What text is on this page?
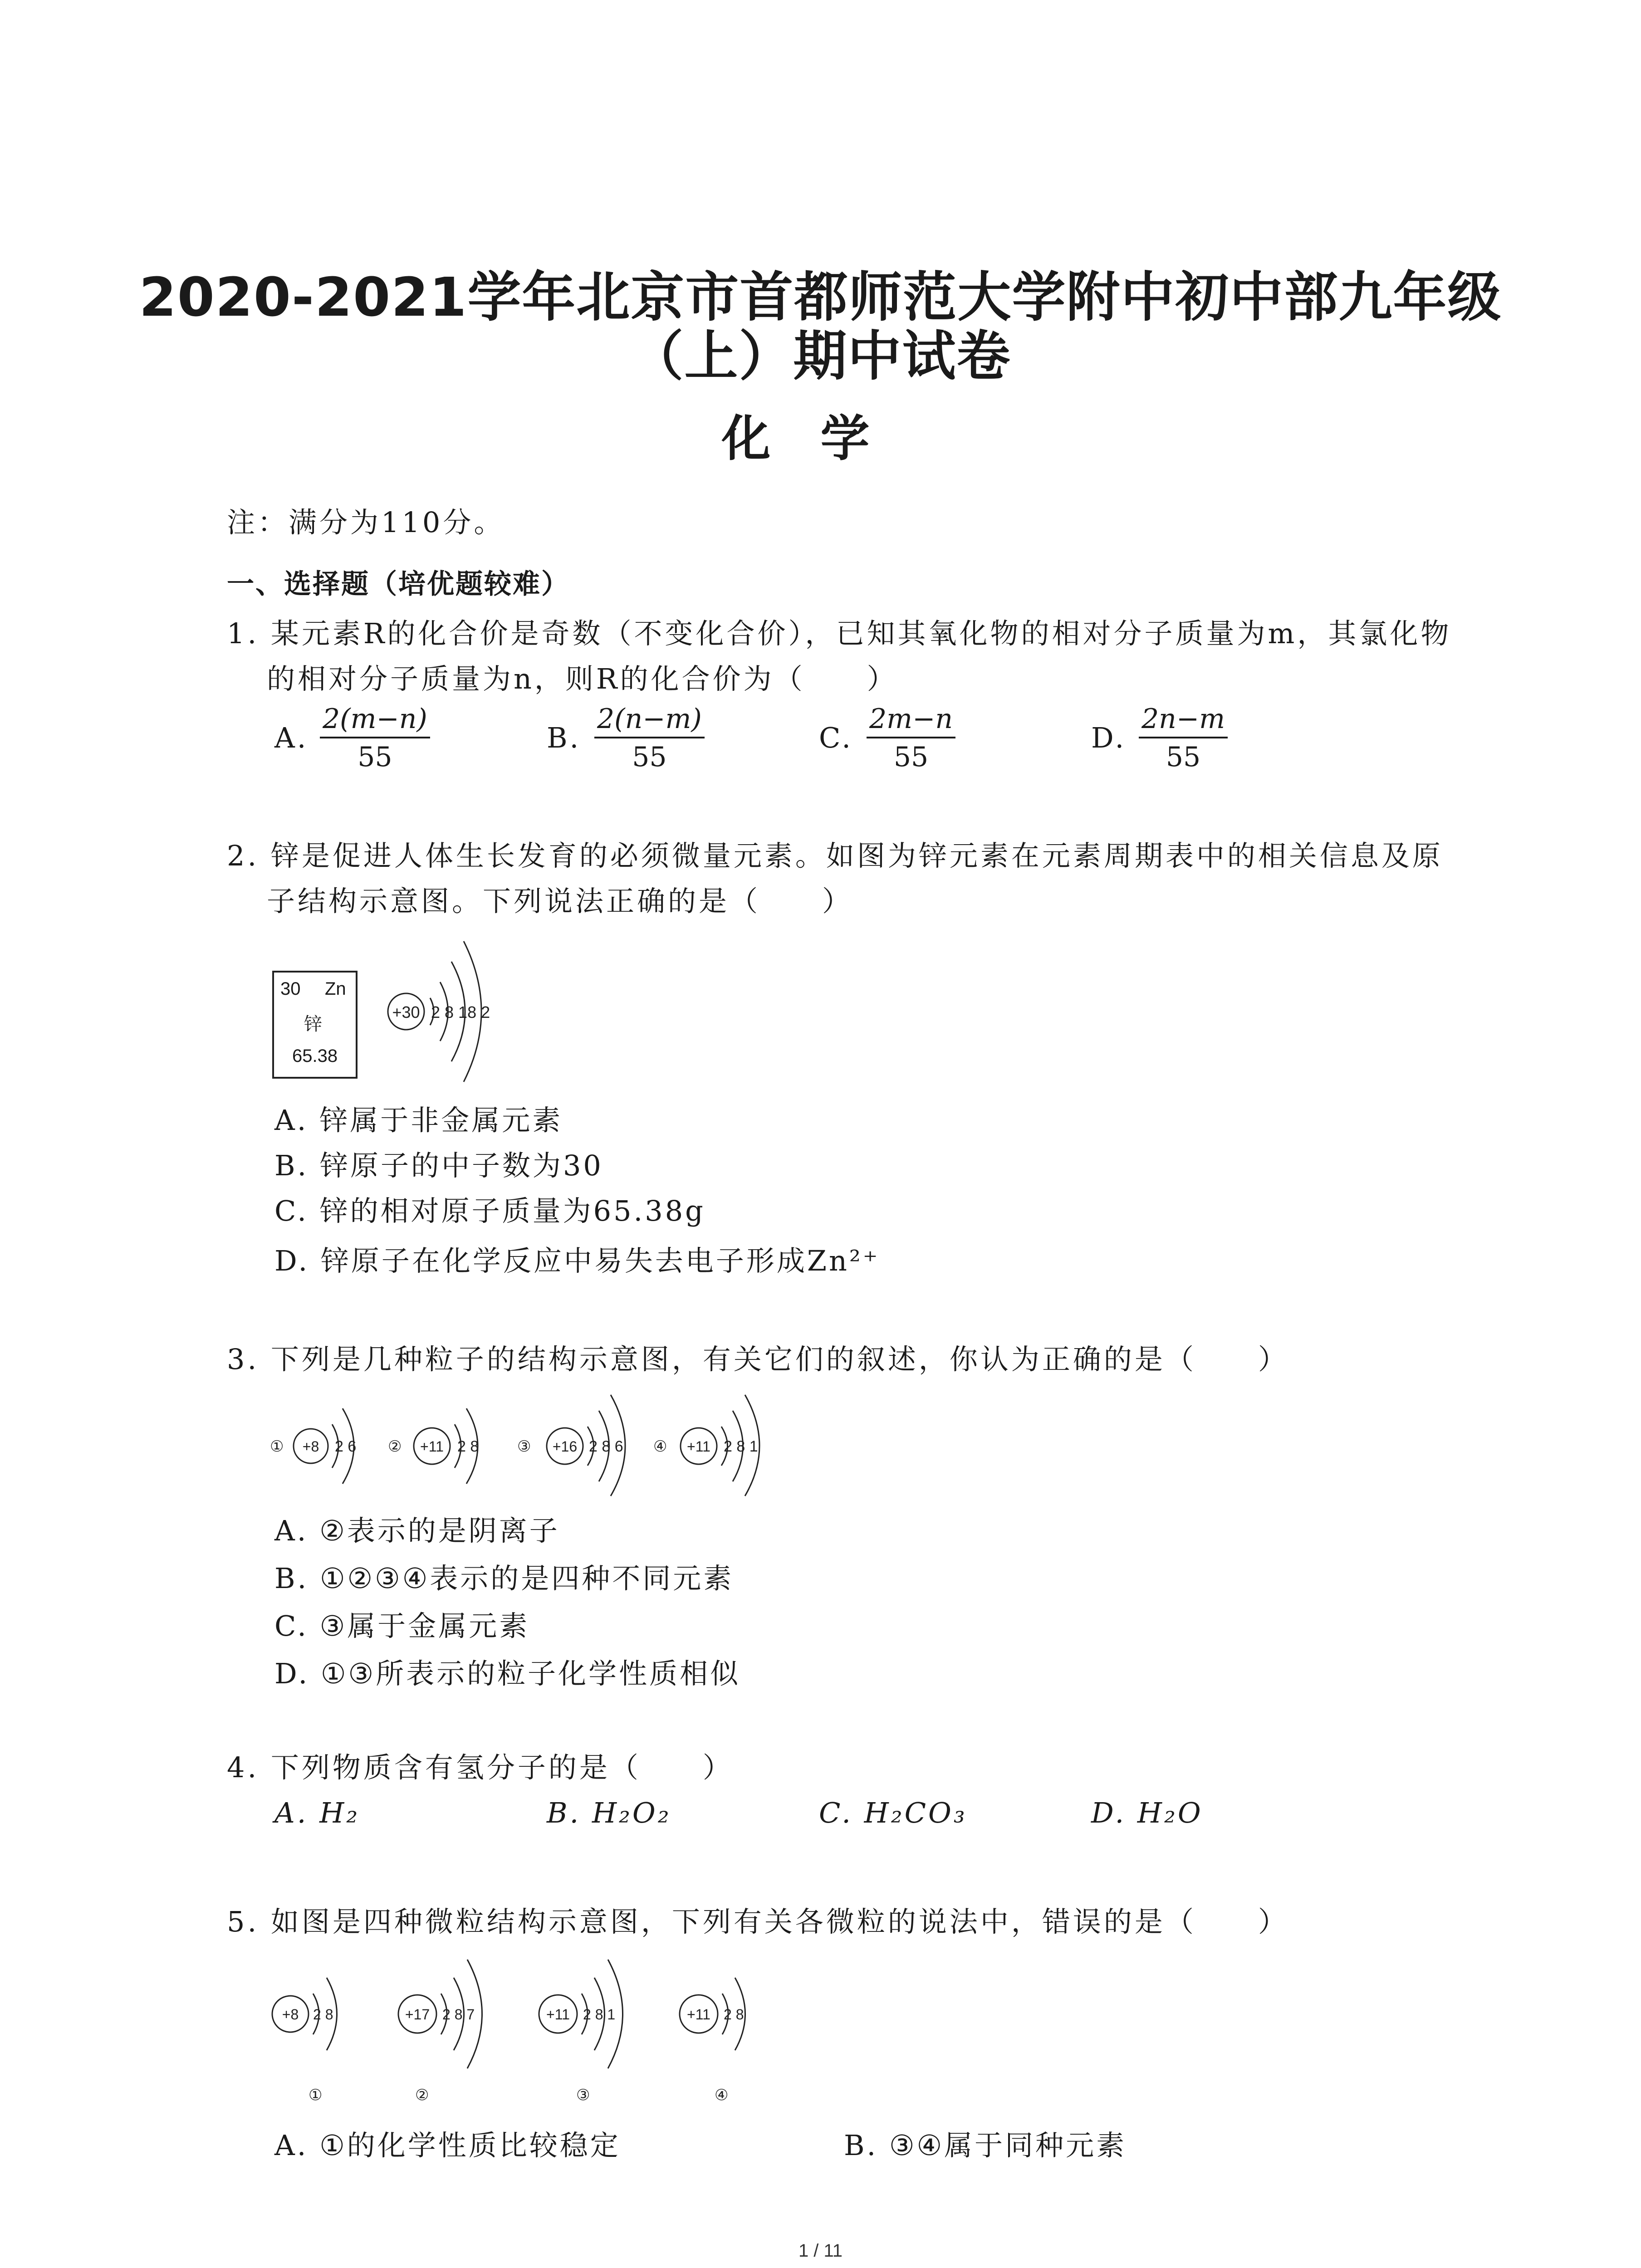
2020-2021学年北京市首都师范大学附中初中部九年级
（上）期中试卷
化学
注：满分为110分。
一、选择题（培优题较难）
1. 某元素R的化合价是奇数（不变化合价），已知其氧化物的相对分子质量为m，其氯化物
的相对分子质量为n，则R的化合价为（　　）
A. $\frac{2(m-n)}{55}$	B. $\frac{2(n-m)}{55}$	C. $\frac{2m-n}{55}$	D. $\frac{2n-m}{55}$
2. 锌是促进人体生长发育的必须微量元素。如图为锌元素在元素周期表中的相关信息及原
子结构示意图。下列说法正确的是（　　）
30 Zn
锌
65.38
+30 2 8 18 2
A. 锌属于非金属元素
B. 锌原子的中子数为30
C. 锌的相对原子质量为65.38g
D. 锌原子在化学反应中易失去电子形成Zn²⁺
3. 下列是几种粒子的结构示意图，有关它们的叙述，你认为正确的是（　　）
① +8 2 6 ② +11 2 8 ③ +16 2 8 6 ④ +11 2 8 1
A. ②表示的是阴离子
B. ①②③④表示的是四种不同元素
C. ③属于金属元素
D. ①③所表示的粒子化学性质相似
4. 下列物质含有氢分子的是（　　）
A. H₂	B. H₂O₂	C. H₂CO₃	D. H₂O
5. 如图是四种微粒结构示意图，下列有关各微粒的说法中，错误的是（　　）
+8 2 8
①
+17 2 8 7
②
+11 2 8 1
③
+11 2 8
④
A. ①的化学性质比较稳定	B. ③④属于同种元素
1 / 11
